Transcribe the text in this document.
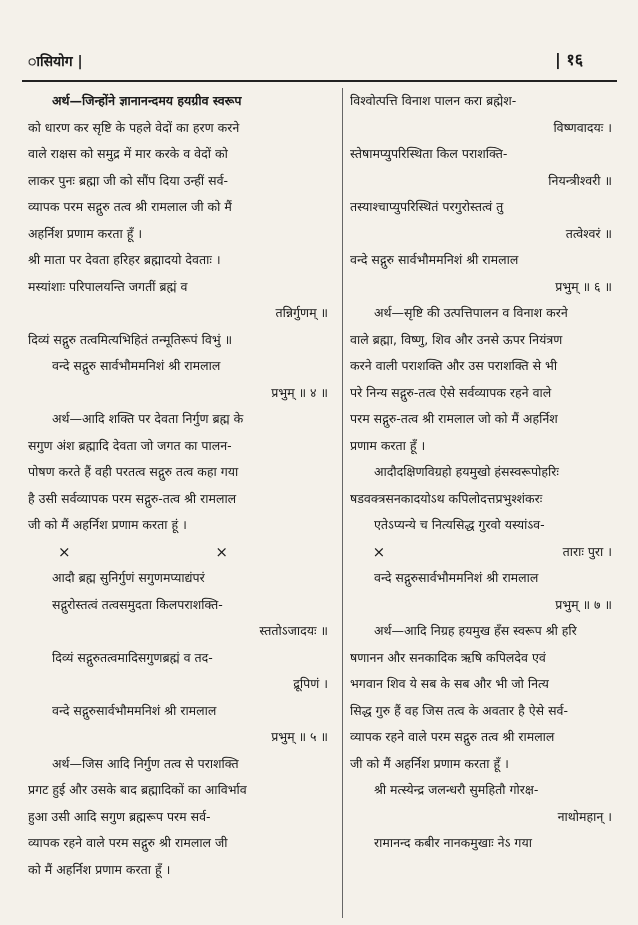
ासियोग |	| १६
अर्थ—जिन्होंने ज्ञानानन्दमय हयग्रीव स्वरूप
को धारण कर सृष्टि के पहले वेदों का हरण करने
वाले राक्षस को समुद्र में मार करके व वेदों को
लाकर पुनः ब्रह्मा जी को सौंप दिया उन्हीं सर्व-
व्यापक परम सद्गुरु तत्व श्री रामलाल जी को मैं
अहर्निश प्रणाम करता हूँ ।
श्री माता पर देवता हरिहर ब्रह्मादयो देवताः ।
मस्यांशाः परिपालयन्ति जगतीं ब्रह्मं व
तन्निर्गुणम् ॥
दिव्यं सद्गुरु तत्वमित्यभिहितं तन्मूतिरूपं विभुं ॥
वन्दे सद्गुरु सार्वभौममनिशं श्री रामलाल
प्रभुम् ॥ ४ ॥
अर्थ—आदि शक्ति पर देवता निर्गुण ब्रह्म के
सगुण अंश ब्रह्मादि देवता जो जगत का पालन-
पोषण करते हैं वही परतत्व सद्गुरु तत्व कहा गया
है उसी सर्वव्यापक परम सद्गुरु-तत्व श्री रामलाल
जी को मैं अहर्निश प्रणाम करता हूं ।
× × ×
आदौ ब्रह्म सुनिर्गुणं सगुणमप्याद्यंपरं
सद्गुरोस्तत्वं तत्वसमुदता किलपराशक्ति-
स्ततोऽजादयः ॥
दिव्यं सद्गुरुतत्वमादिसगुणब्रह्मं व तद-
द्रूपिणं ।
वन्दे सद्गुरुसार्वभौममनिशं श्री रामलाल
प्रभुम् ॥ ५ ॥
अर्थ—जिस आदि निर्गुण तत्व से पराशक्ति
प्रगट हुई और उसके बाद ब्रह्मादिकों का आविर्भाव
हुआ उसी आदि सगुण ब्रह्मरूप परम सर्व-
व्यापक रहने वाले परम सद्गुरु श्री रामलाल जी
को मैं अहर्निश प्रणाम करता हूँ ।
विश्वोत्पत्ति विनाश पालन करा ब्रह्मेश-
विष्णवादयः ।
स्तेषामप्युपरिस्थिता किल पराशक्ति-
नियन्त्रीश्वरी ॥
तस्याश्चाप्युपरिस्थितं परगुरोस्तत्वं तु
तत्वेश्वरं ॥
वन्दे सद्गुरु सार्वभौममनिशं श्री रामलाल
प्रभुम् ॥ ६ ॥
अर्थ—सृष्टि की उत्पत्तिपालन व विनाश करने
वाले ब्रह्मा, विष्णु, शिव और उनसे ऊपर नियंत्रण
करने वाली पराशक्ति और उस पराशक्ति से भी
परे निन्य सद्गुरु-तत्व ऐसे सर्वव्यापक रहने वाले
परम सद्गुरु-तत्व श्री रामलाल जो को मैं अहर्निश
प्रणाम करता हूँ ।
आदौदक्षिणविग्रहो हयमुखो हंसस्वरूपोहरिः
षडवक्त्रसनकादयोऽथ कपिलोदत्तप्रभुश्शंकरः
एतेऽप्यन्ये च नित्यसिद्ध गुरवो यस्यांऽव-
ताराः पुरा ।
वन्दे सद्गुरुसार्वभौममनिशं श्री रामलाल
प्रभुम् ॥ ७ ॥
अर्थ—आदि निग्रह हयमुख हँस स्वरूप श्री हरि
षणानन और सनकादिक ऋषि कपिलदेव एवं
भगवान शिव ये सब के सब और भी जो नित्य
सिद्ध गुरु हैं वह जिस तत्व के अवतार है ऐसे सर्व-
व्यापक रहने वाले परम सद्गुरु तत्व श्री रामलाल
जी को मैं अहर्निश प्रणाम करता हूँ ।
श्री मत्स्येन्द्र जलन्धरौ सुमहितौ गोरक्ष-
नाथोमहान् ।
रामानन्द कबीर नानकमुखाः नेऽ गया
